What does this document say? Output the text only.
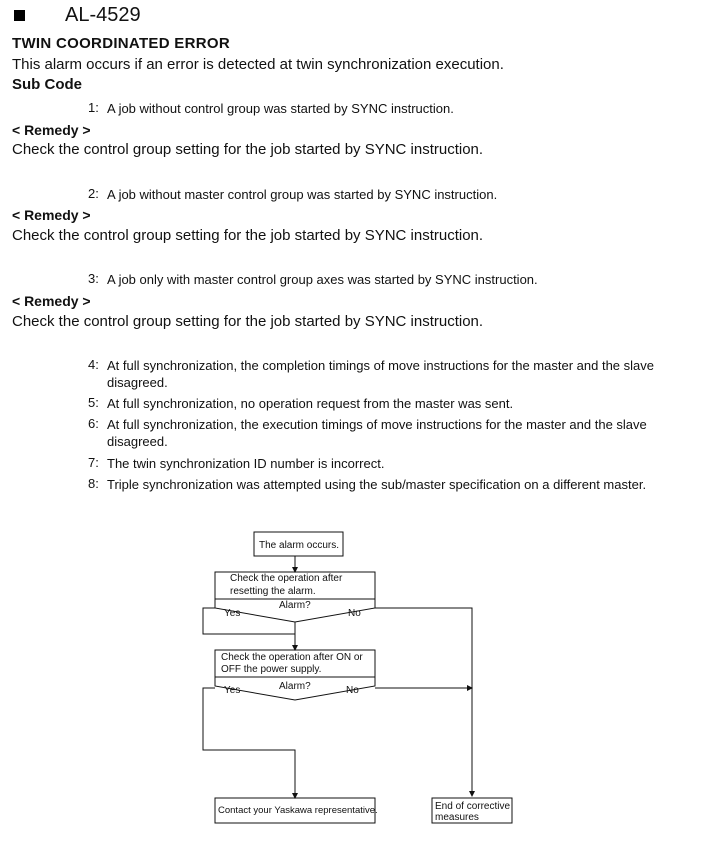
AL-4529
TWIN COORDINATED ERROR
This alarm occurs if an error is detected at twin synchronization execution.
Sub Code
1: A job without control group was started by SYNC instruction.
< Remedy >
Check the control group setting for the job started by SYNC instruction.
2: A job without master control group was started by SYNC instruction.
< Remedy >
Check the control group setting for the job started by SYNC instruction.
3: A job only with master control group axes was started by SYNC instruction.
< Remedy >
Check the control group setting for the job started by SYNC instruction.
4: At full synchronization, the completion timings of move instructions for the master and the slave disagreed.
5: At full synchronization, no operation request from the master was sent.
6: At full synchronization, the execution timings of move instructions for the master and the slave disagreed.
7: The twin synchronization ID number is incorrect.
8: Triple synchronization was attempted using the sub/master specification on a different master.
The alarm occurs.
Check the operation after
resetting the alarm.
Alarm?
Yes	No
Check the operation after ON or
OFF the power supply.
Alarm?
Yes	No
Contact your Yaskawa representative.	End of corrective
measures
